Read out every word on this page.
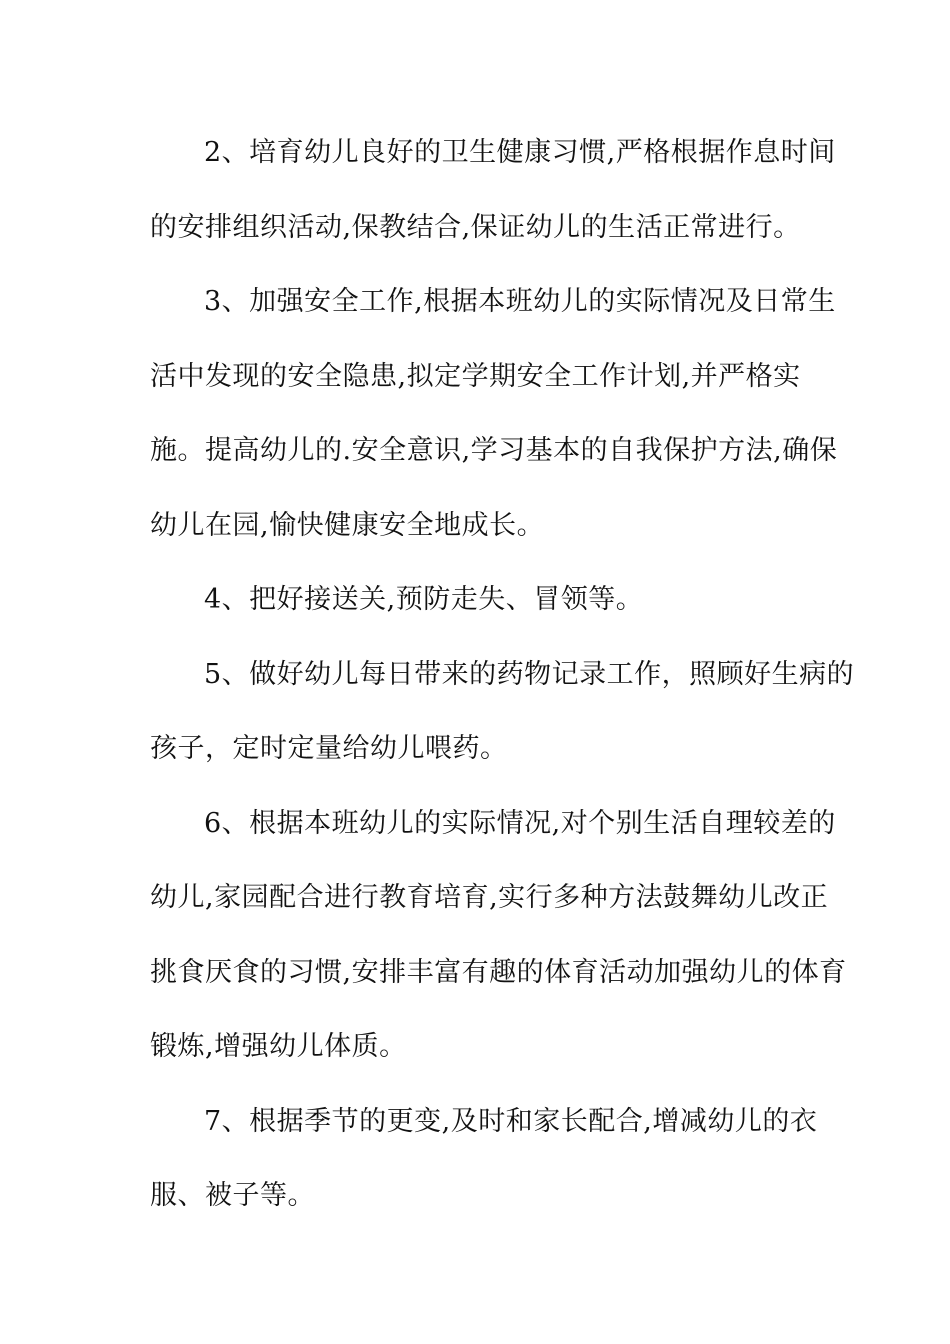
2、培育幼儿良好的卫生健康习惯,严格根据作息时间
的安排组织活动,保教结合,保证幼儿的生活正常进行。
3、加强安全工作,根据本班幼儿的实际情况及日常生
活中发现的安全隐患,拟定学期安全工作计划,并严格实
施。提高幼儿的.安全意识,学习基本的自我保护方法,确保
幼儿在园,愉快健康安全地成长。
4、把好接送关,预防走失、冒领等。
5、做好幼儿每日带来的药物记录工作，照顾好生病的
孩子，定时定量给幼儿喂药。
6、根据本班幼儿的实际情况,对个别生活自理较差的
幼儿,家园配合进行教育培育,实行多种方法鼓舞幼儿改正
挑食厌食的习惯,安排丰富有趣的体育活动加强幼儿的体育
锻炼,增强幼儿体质。
7、根据季节的更变,及时和家长配合,增减幼儿的衣
服、被子等。
